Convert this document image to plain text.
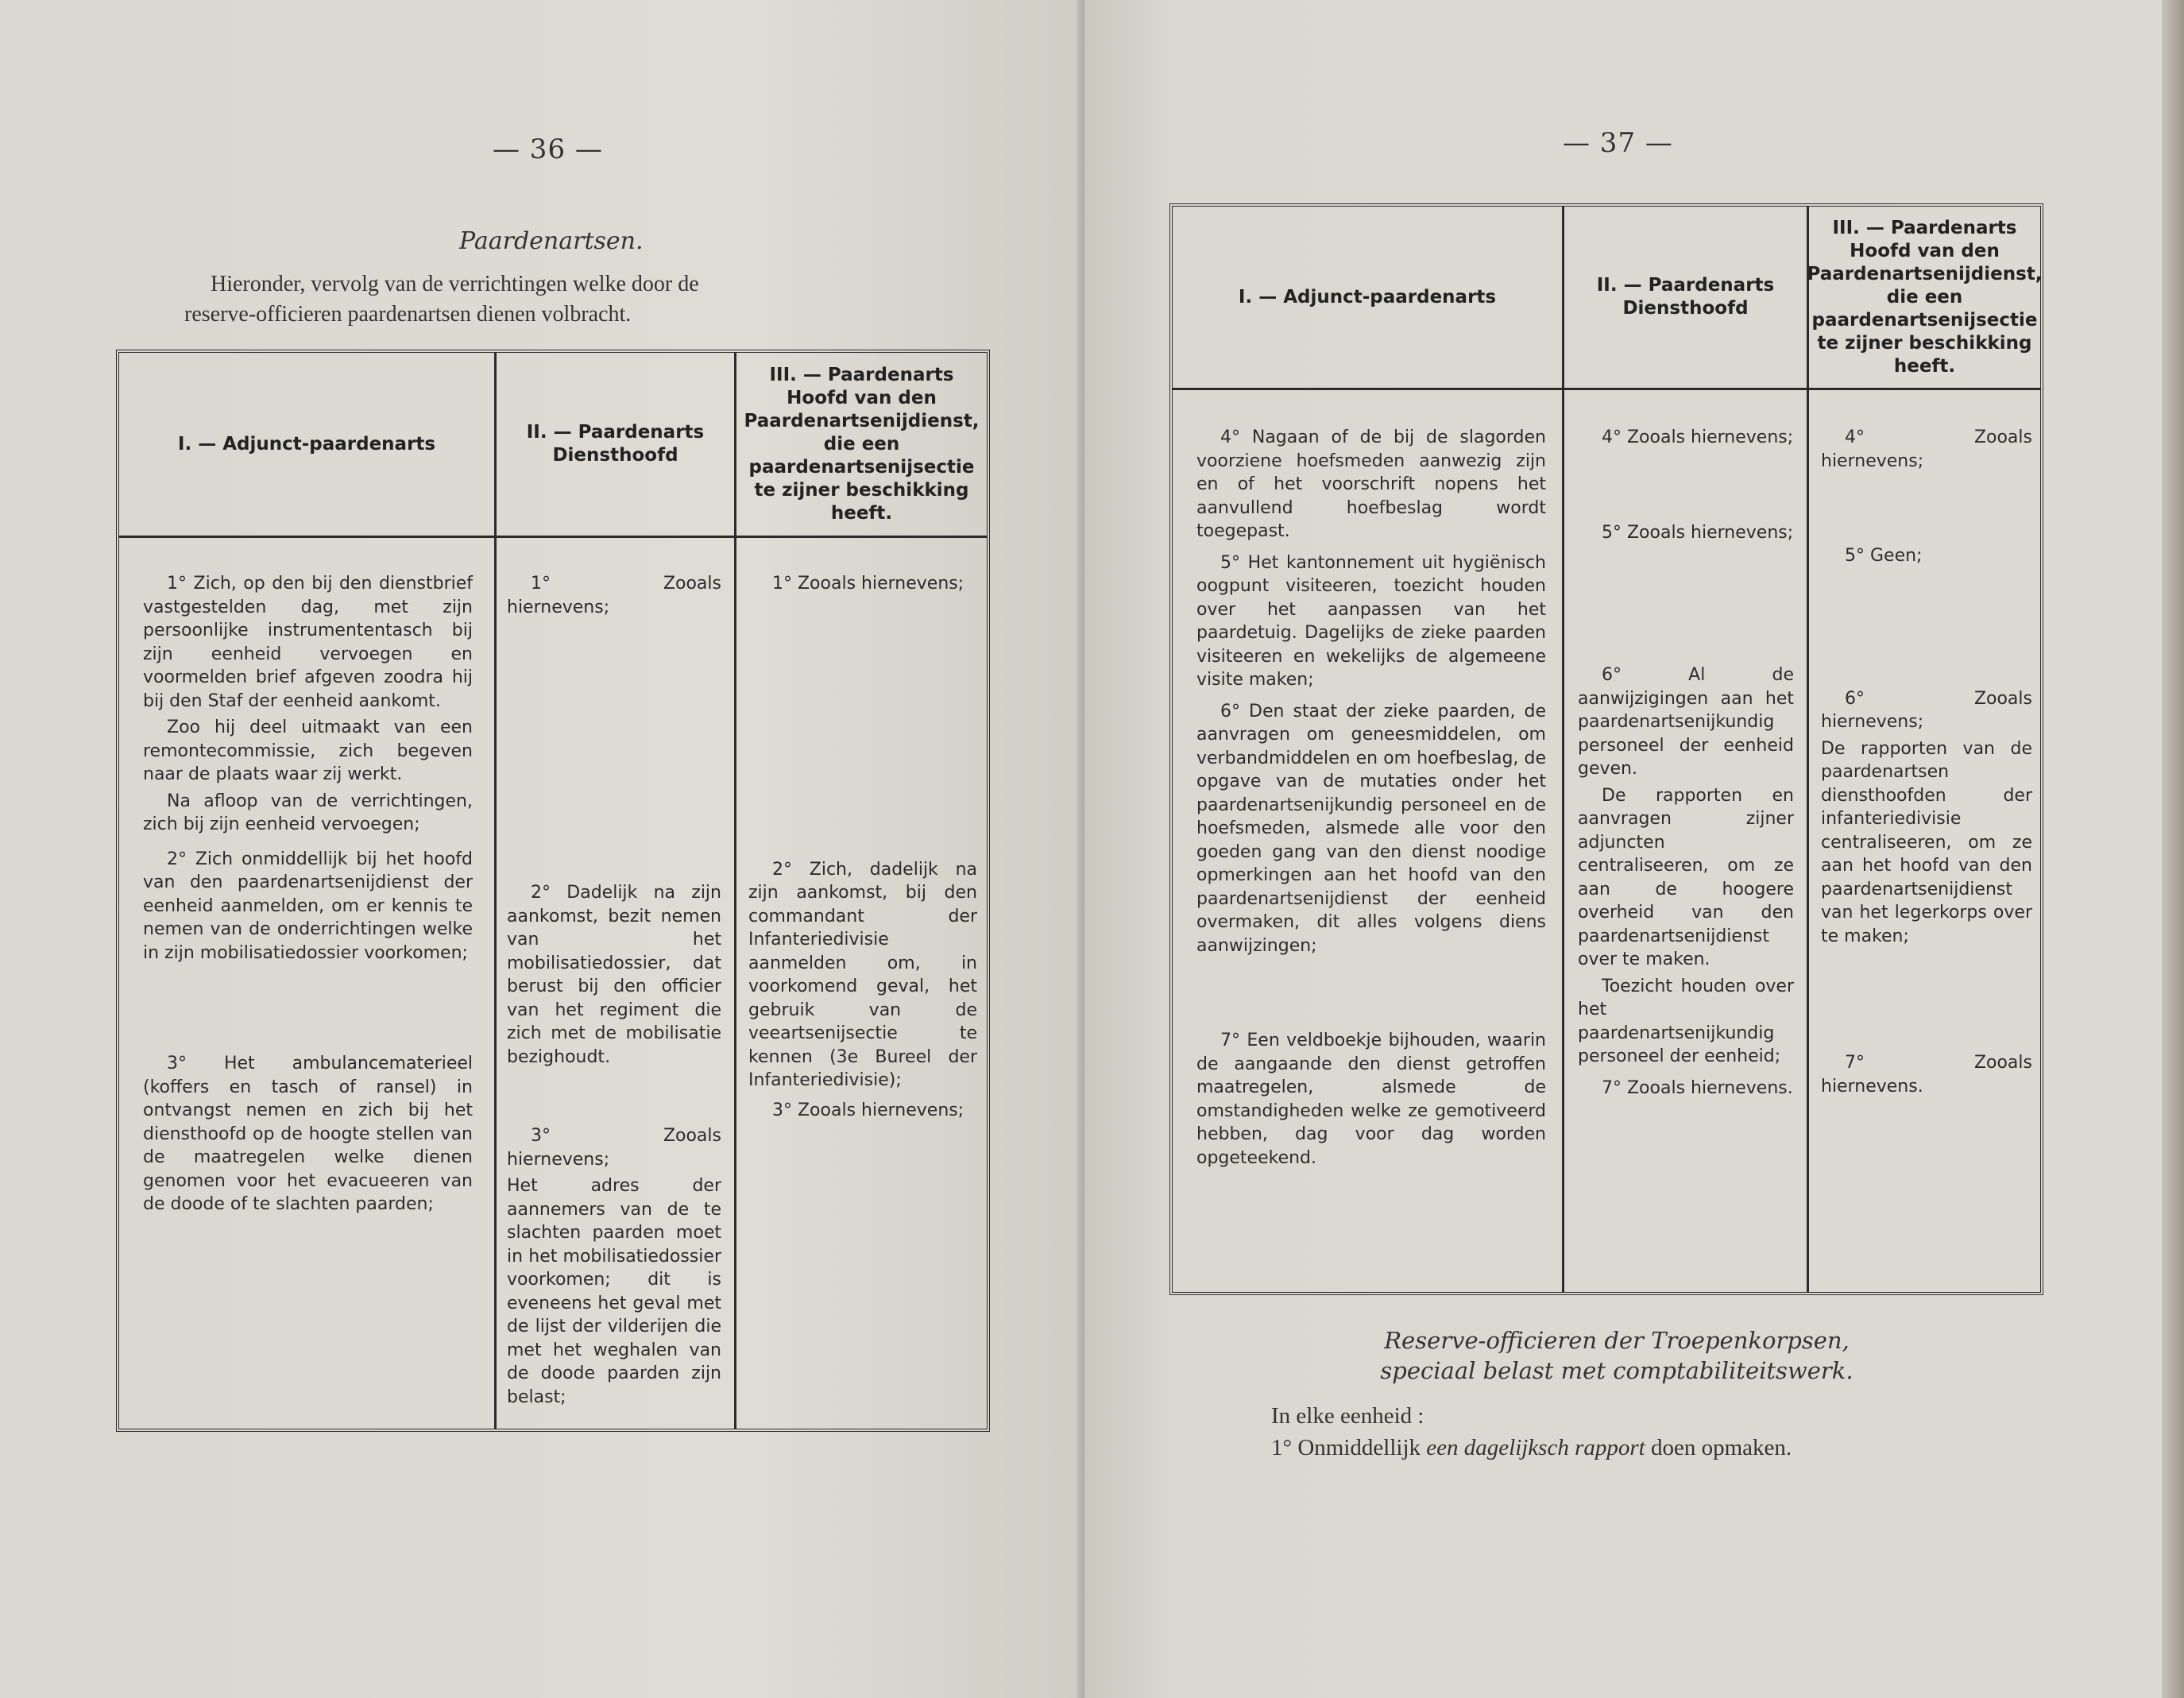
— 36 —
Paardenartsen.
Hieronder, vervolg van de verrichtingen welke door de
reserve-officieren paardenartsen dienen volbracht.
I. — Adjunct-paardenarts
II. — Paardenarts
Diensthoofd
III. — Paardenarts Hoofd van den Paardenartsenijdienst, die een paardenartsenijsectie te zijner beschikking heeft.

1° Zich, op den bij den dienstbrief vastgestelden dag, met zijn persoonlijke instrumententasch bij zijn eenheid vervoegen en voormelden brief afgeven zoodra hij bij den Staf der eenheid aankomt.

Zoo hij deel uitmaakt van een remontecommissie, zich begeven naar de plaats waar zij werkt.

Na afloop van de verrichtingen, zich bij zijn eenheid vervoegen;

2° Zich onmiddellijk bij het hoofd van den paardenartsenijdienst der eenheid aanmelden, om er kennis te nemen van de onderrichtingen welke in zijn mobilisatiedossier voorkomen;

3° Het ambulancematerieel (koffers en tasch of ransel) in ontvangst nemen en zich bij het diensthoofd op de hoogte stellen van de maatregelen welke dienen genomen voor het evacueeren van de doode of te slachten paarden;

1° Zooals hiernevens;

2° Dadelijk na zijn aankomst, bezit nemen van het mobilisatiedossier, dat berust bij den officier van het regiment die zich met de mobilisatie bezighoudt.

3° Zooals hiernevens;

Het adres der aannemers van de te slachten paarden moet in het mobilisatiedossier voorkomen; dit is eveneens het geval met de lijst der vilderijen die met het weghalen van de doode paarden zijn belast;

1° Zooals hiernevens;

2° Zich, dadelijk na zijn aankomst, bij den commandant der Infanteriedivisie aanmelden om, in voorkomend geval, het gebruik van de veeartsenijsectie te kennen (3e Bureel der Infanteriedivisie);

3° Zooals hiernevens;

— 37 —
I. — Adjunct-paardenarts
II. — Paardenarts
Diensthoofd
III. — Paardenarts Hoofd van den Paardenartsenijdienst, die een paardenartsenijsectie te zijner beschikking heeft.

4° Nagaan of de bij de slagorden voorziene hoefsmeden aanwezig zijn en of het voorschrift nopens het aanvullend hoefbeslag wordt toegepast.

5° Het kantonnement uit hygiënisch oogpunt visiteeren, toezicht houden over het aanpassen van het paardetuig. Dagelijks de zieke paarden visiteeren en wekelijks de algemeene visite maken;

6° Den staat der zieke paarden, de aanvragen om geneesmiddelen, om verbandmiddelen en om hoefbeslag, de opgave van de mutaties onder het paardenartsenijkundig personeel en de hoefsmeden, alsmede alle voor den goeden gang van den dienst noodige opmerkingen aan het hoofd van den paardenartsenijdienst der eenheid overmaken, dit alles volgens diens aanwijzingen;

7° Een veldboekje bijhouden, waarin de aangaande den dienst getroffen maatregelen, alsmede de omstandigheden welke ze gemotiveerd hebben, dag voor dag worden opgeteekend.

4° Zooals hiernevens;

5° Zooals hiernevens;

6° Al de aanwijzigingen aan het paardenartsenijkundig personeel der eenheid geven.

De rapporten en aanvragen zijner adjuncten centraliseeren, om ze aan de hoogere overheid van den paardenartsenijdienst over te maken.

Toezicht houden over het paardenartsenijkundig personeel der eenheid;

7° Zooals hiernevens.

4° Zooals hiernevens;

5° Geen;

6° Zooals hiernevens;

De rapporten van de paardenartsen diensthoofden der infanteriedivisie centraliseeren, om ze aan het hoofd van den paardenartsenijdienst van het legerkorps over te maken;

7° Zooals hiernevens.

Reserve-officieren der Troepenkorpsen,
speciaal belast met comptabiliteitswerk.
In elke eenheid :
1° Onmiddellijk een dagelijksch rapport doen opmaken.
